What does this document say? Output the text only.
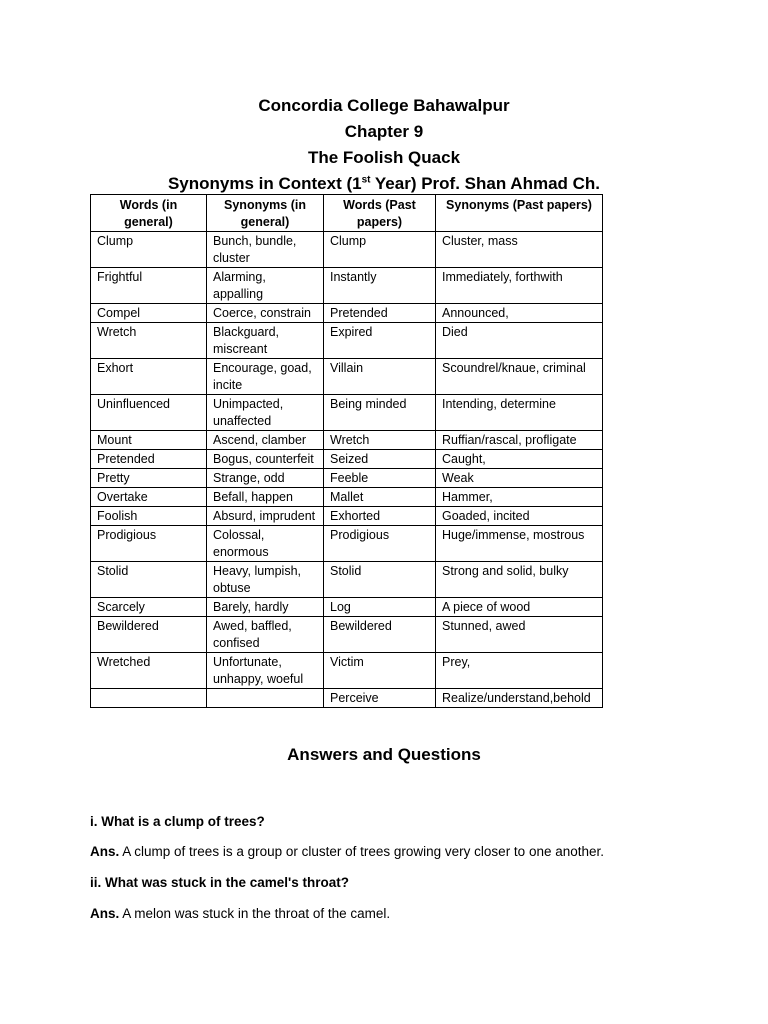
Concordia College Bahawalpur
Chapter 9
The Foolish Quack
Synonyms in Context (1st Year) Prof. Shan Ahmad Ch.
Words (in general)	Synonyms (in general)	Words (Past papers)	Synonyms (Past papers)
Clump	Bunch, bundle, cluster	Clump	Cluster, mass
Frightful	Alarming, appalling	Instantly	Immediately, forthwith
Compel	Coerce, constrain	Pretended	Announced,
Wretch	Blackguard, miscreant	Expired	Died
Exhort	Encourage, goad, incite	Villain	Scoundrel/knaue, criminal
Uninfluenced	Unimpacted, unaffected	Being minded	Intending, determine
Mount	Ascend, clamber	Wretch	Ruffian/rascal, profligate
Pretended	Bogus, counterfeit	Seized	Caught,
Pretty	Strange, odd	Feeble	Weak
Overtake	Befall, happen	Mallet	Hammer,
Foolish	Absurd, imprudent	Exhorted	Goaded, incited
Prodigious	Colossal, enormous	Prodigious	Huge/immense, mostrous
Stolid	Heavy, lumpish, obtuse	Stolid	Strong and solid, bulky
Scarcely	Barely, hardly	Log	A piece of wood
Bewildered	Awed, baffled, confised	Bewildered	Stunned, awed
Wretched	Unfortunate, unhappy, woeful	Victim	Prey,
		Perceive	Realize/understand,behold
Answers and Questions
i. What is a clump of trees?
Ans. A clump of trees is a group or cluster of trees growing very closer to one another.
ii. What was stuck in the camel's throat?
Ans. A melon was stuck in the throat of the camel.
